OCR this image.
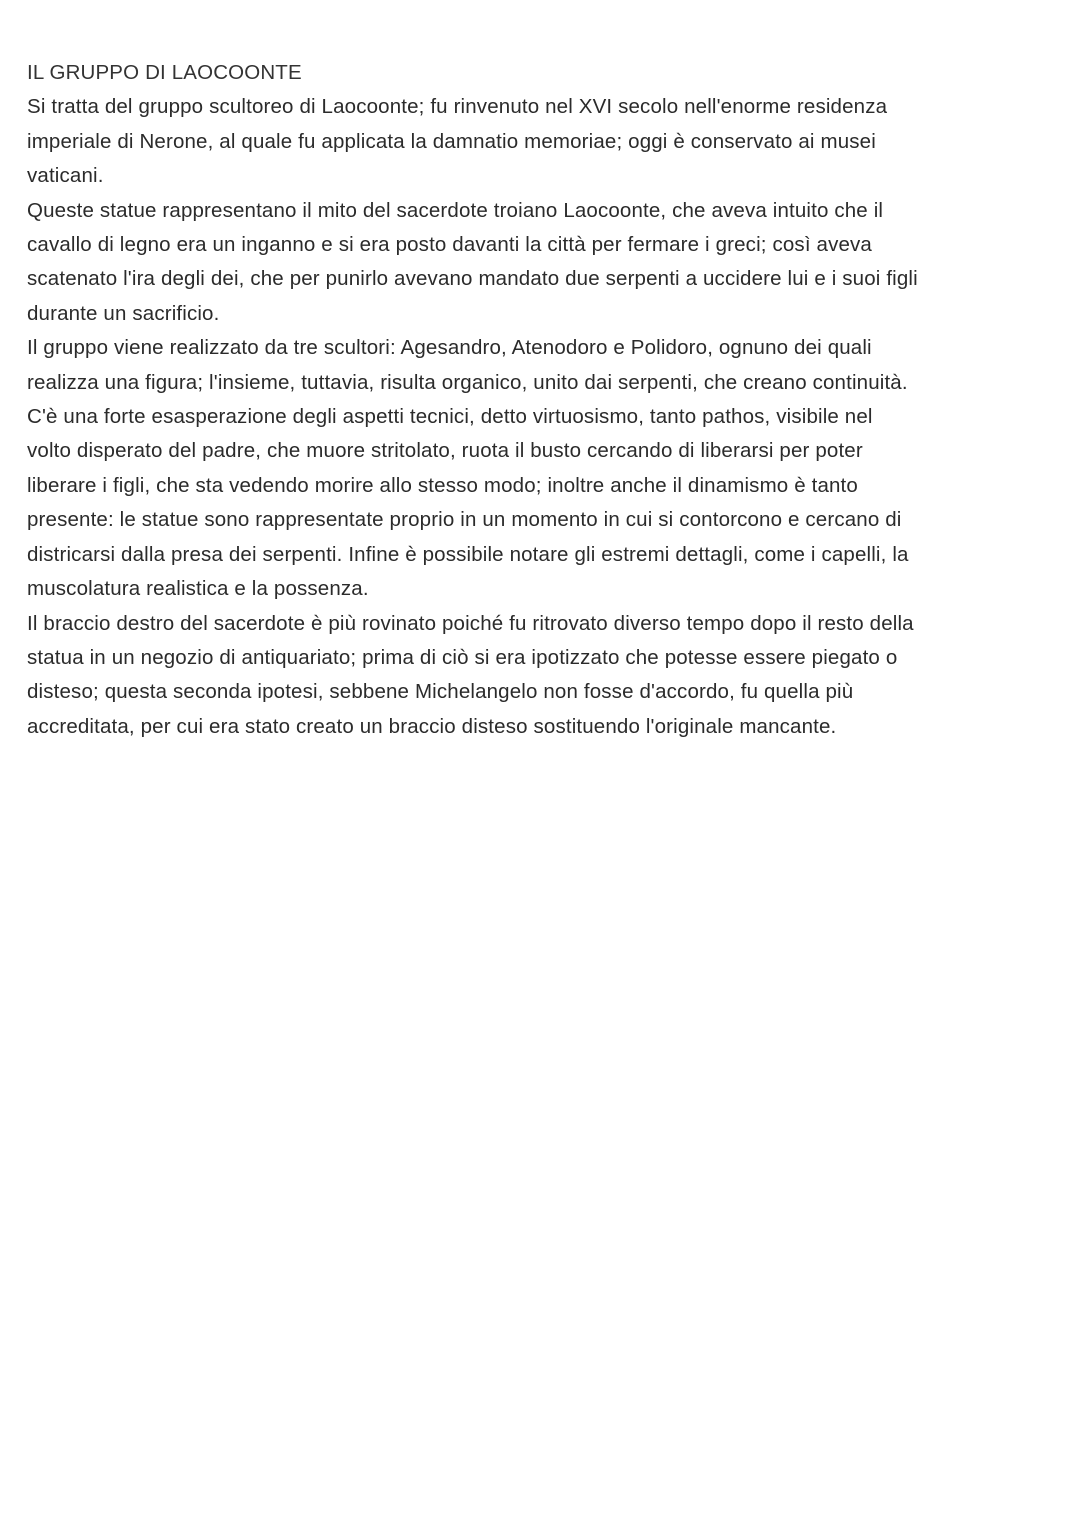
IL GRUPPO DI LAOCOONTE

Si tratta del gruppo scultoreo di Laocoonte; fu rinvenuto nel XVI secolo nell'enorme residenza
imperiale di Nerone, al quale fu applicata la damnatio memoriae; oggi è conservato ai musei
vaticani.

Queste statue rappresentano il mito del sacerdote troiano Laocoonte, che aveva intuito che il
cavallo di legno era un inganno e si era posto davanti la città per fermare i greci; così aveva
scatenato l'ira degli dei, che per punirlo avevano mandato due serpenti a uccidere lui e i suoi figli
durante un sacrificio.

Il gruppo viene realizzato da tre scultori: Agesandro, Atenodoro e Polidoro, ognuno dei quali
realizza una figura; l'insieme, tuttavia, risulta organico, unito dai serpenti, che creano continuità.
C'è una forte esasperazione degli aspetti tecnici, detto virtuosismo, tanto pathos, visibile nel
volto disperato del padre, che muore stritolato, ruota il busto cercando di liberarsi per poter
liberare i figli, che sta vedendo morire allo stesso modo; inoltre anche il dinamismo è tanto
presente: le statue sono rappresentate proprio in un momento in cui si contorcono e cercano di
districarsi dalla presa dei serpenti. Infine è possibile notare gli estremi dettagli, come i capelli, la
muscolatura realistica e la possenza.

Il braccio destro del sacerdote è più rovinato poiché fu ritrovato diverso tempo dopo il resto della
statua in un negozio di antiquariato; prima di ciò si era ipotizzato che potesse essere piegato o
disteso; questa seconda ipotesi, sebbene Michelangelo non fosse d'accordo, fu quella più
accreditata, per cui era stato creato un braccio disteso sostituendo l'originale mancante.
